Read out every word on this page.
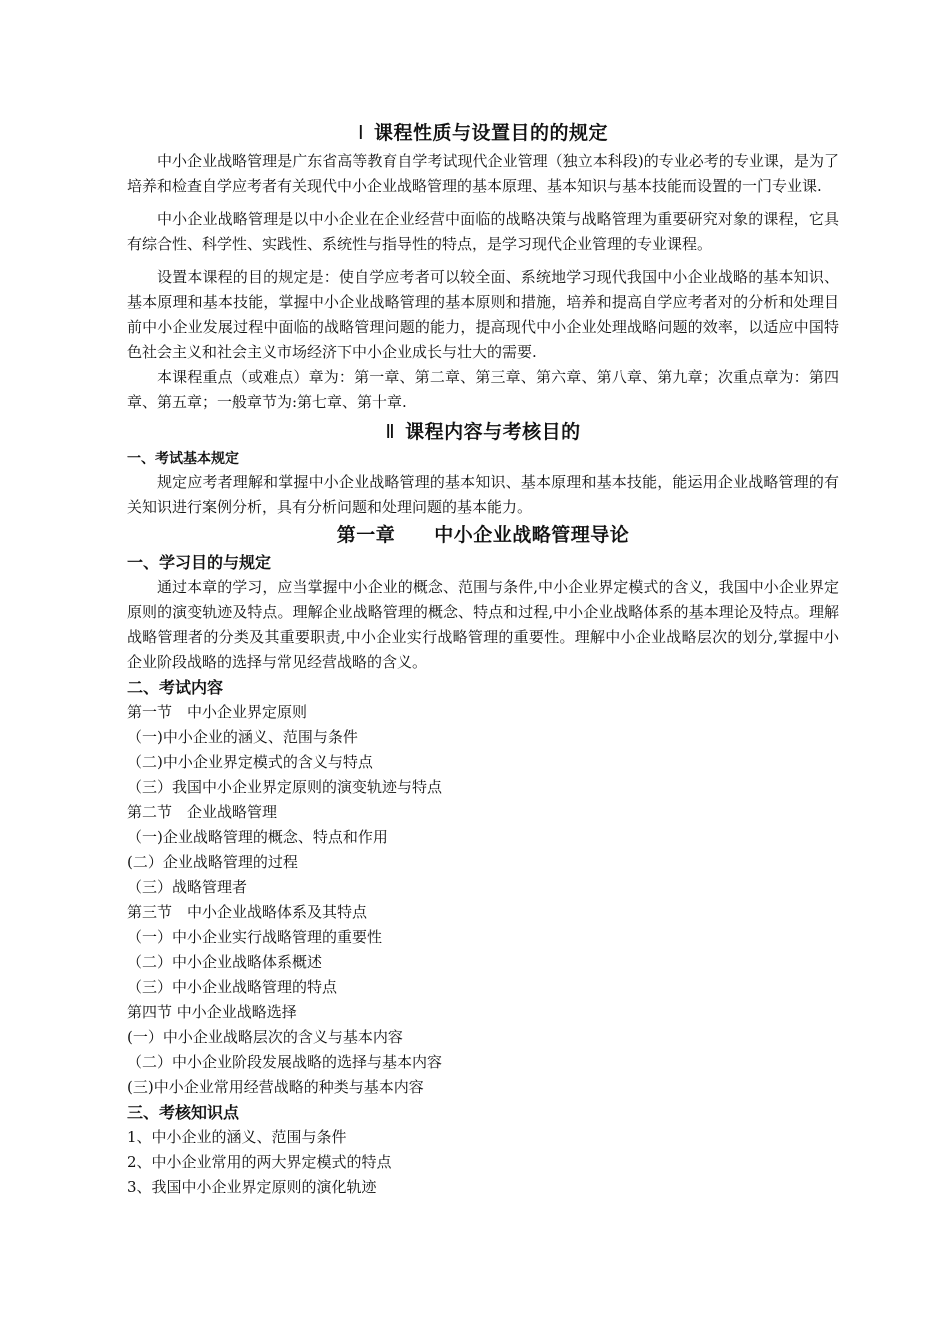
Ⅰ 课程性质与设置目的的规定

中小企业战略管理是广东省高等教育自学考试现代企业管理（独立本科段)的专业必考的专业课，是为了培养和检查自学应考者有关现代中小企业战略管理的基本原理、基本知识与基本技能而设置的一门专业课.

中小企业战略管理是以中小企业在企业经营中面临的战略决策与战略管理为重要研究对象的课程，它具有综合性、科学性、实践性、系统性与指导性的特点，是学习现代企业管理的专业课程。

设置本课程的目的规定是：使自学应考者可以较全面、系统地学习现代我国中小企业战略的基本知识、基本原理和基本技能，掌握中小企业战略管理的基本原则和措施，培养和提高自学应考者对的分析和处理目前中小企业发展过程中面临的战略管理问题的能力，提高现代中小企业处理战略问题的效率，以适应中国特色社会主义和社会主义市场经济下中小企业成长与壮大的需要.

本课程重点（或难点）章为：第一章、第二章、第三章、第六章、第八章、第九章；次重点章为：第四章、第五章；一般章节为:第七章、第十章.

Ⅱ 课程内容与考核目的

一、考试基本规定

规定应考者理解和掌握中小企业战略管理的基本知识、基本原理和基本技能，能运用企业战略管理的有关知识进行案例分析，具有分析问题和处理问题的基本能力。

第一章　　中小企业战略管理导论

一、学习目的与规定

通过本章的学习，应当掌握中小企业的概念、范围与条件,中小企业界定模式的含义，我国中小企业界定原则的演变轨迹及特点。理解企业战略管理的概念、特点和过程,中小企业战略体系的基本理论及特点。理解战略管理者的分类及其重要职责,中小企业实行战略管理的重要性。理解中小企业战略层次的划分,掌握中小企业阶段战略的选择与常见经营战略的含义。

二、考试内容

第一节　中小企业界定原则

（一)中小企业的涵义、范围与条件

（二)中小企业界定模式的含义与特点

（三）我国中小企业界定原则的演变轨迹与特点

第二节　企业战略管理

（一)企业战略管理的概念、特点和作用

(二）企业战略管理的过程

（三）战略管理者

第三节　中小企业战略体系及其特点

（一）中小企业实行战略管理的重要性

（二）中小企业战略体系概述

（三）中小企业战略管理的特点

第四节 中小企业战略选择

(一）中小企业战略层次的含义与基本内容

（二）中小企业阶段发展战略的选择与基本内容

(三)中小企业常用经营战略的种类与基本内容

三、考核知识点

1、中小企业的涵义、范围与条件

2、中小企业常用的两大界定模式的特点

3、我国中小企业界定原则的演化轨迹
